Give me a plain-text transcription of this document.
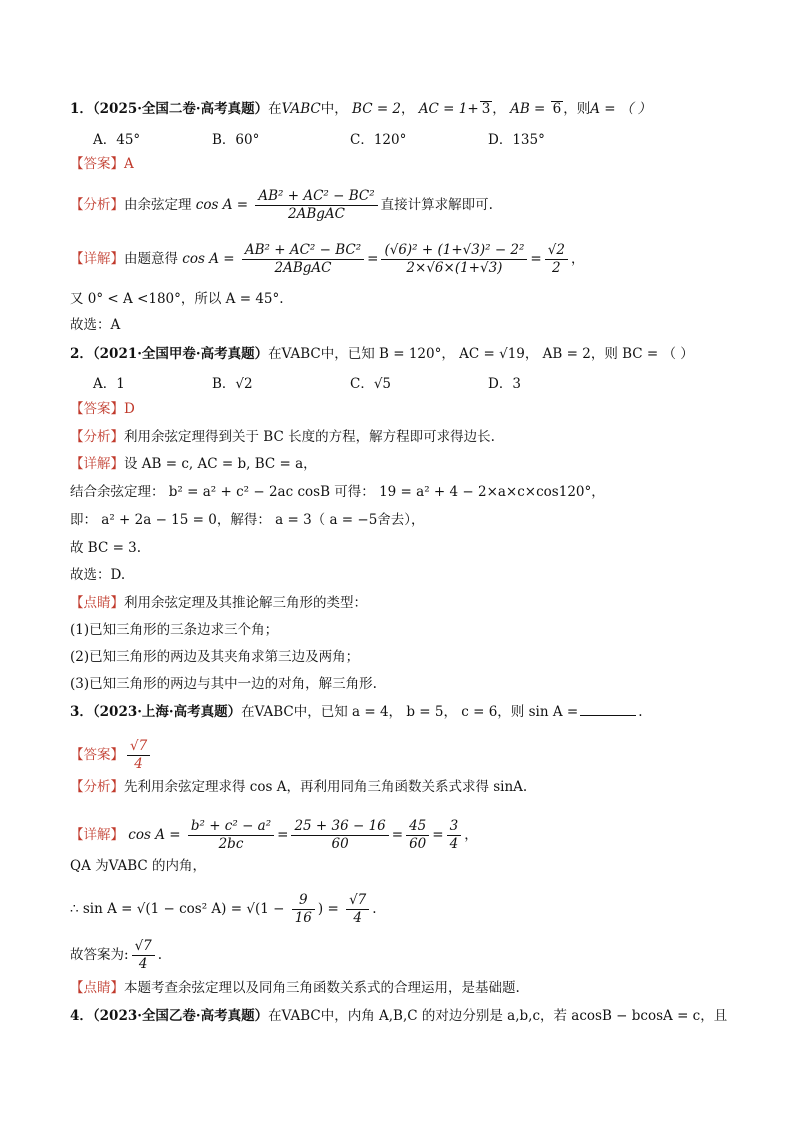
1．（2025·全国二卷·高考真题）在VABC中， BC = 2， AC = 1+ 3 ， AB = 6 ，则A = （ ）
A．45°	B．60°	C．120°	D．135°
【答案】A
【分析】由余弦定理 $\cos A = \frac{\text{AB² + AC² − BC²}}{\text{2ABgAC}}$ 直接计算求解即可.
【详解】由题意得 $\cos A = \frac{\text{AB² + AC² − BC²}}{\text{2ABgAC}} = \frac{\text{(√6)² + (1+√3)² − 2²}}{2\times√6\times(1+√3)} = \frac{√2}{2}$ ，
又 0° < A <180°，所以 A = 45°.
故选：A
2．（2021·全国甲卷·高考真题）在VABC中，已知 B = 120°， AC = √19， AB = 2，则 BC = （ ）
A．1	B．√2	C．√5	D．3
【答案】D
【分析】利用余弦定理得到关于 BC 长度的方程，解方程即可求得边长.
【详解】设 AB = c, AC = b, BC = a，
结合余弦定理： b² = a² + c² − 2ac cosB 可得： 19 = a² + 4 − 2×a×c×cos120°，
即： a² + 2a − 15 = 0，解得： a = 3（ a = −5舍去），
故 BC = 3.
故选：D.
【点睛】利用余弦定理及其推论解三角形的类型：
(1)已知三角形的三条边求三个角；
(2)已知三角形的两边及其夹角求第三边及两角；
(3)已知三角形的两边与其中一边的对角，解三角形.
3．（2023·上海·高考真题）在VABC中，已知 a = 4， b = 5， c = 6，则 sin A =	.
【答案】 $\frac{√7}{4}$
【分析】先利用余弦定理求得 cos A，再利用同角三角函数关系式求得 sinA.
【详解】 $\cos A = \frac{\text{b² + c² − a²}}{2bc} = \frac{25 + 36 - 16}{60} = \frac{45}{60} = \frac{3}{4}$ ，
QA 为VABC 的内角，
∴ sin A = √(1 − cos² $A) = √(1 - \frac{9}{16}$ ) = $\frac{√7}{4}$ .
故答案为: $\frac{√7}{4}$ .
【点睛】本题考查余弦定理以及同角三角函数关系式的合理运用，是基础题.
4．（2023·全国乙卷·高考真题）在VABC中，内角 A,B,C 的对边分别是 a,b,c，若 acosB − bcosA = c，且
